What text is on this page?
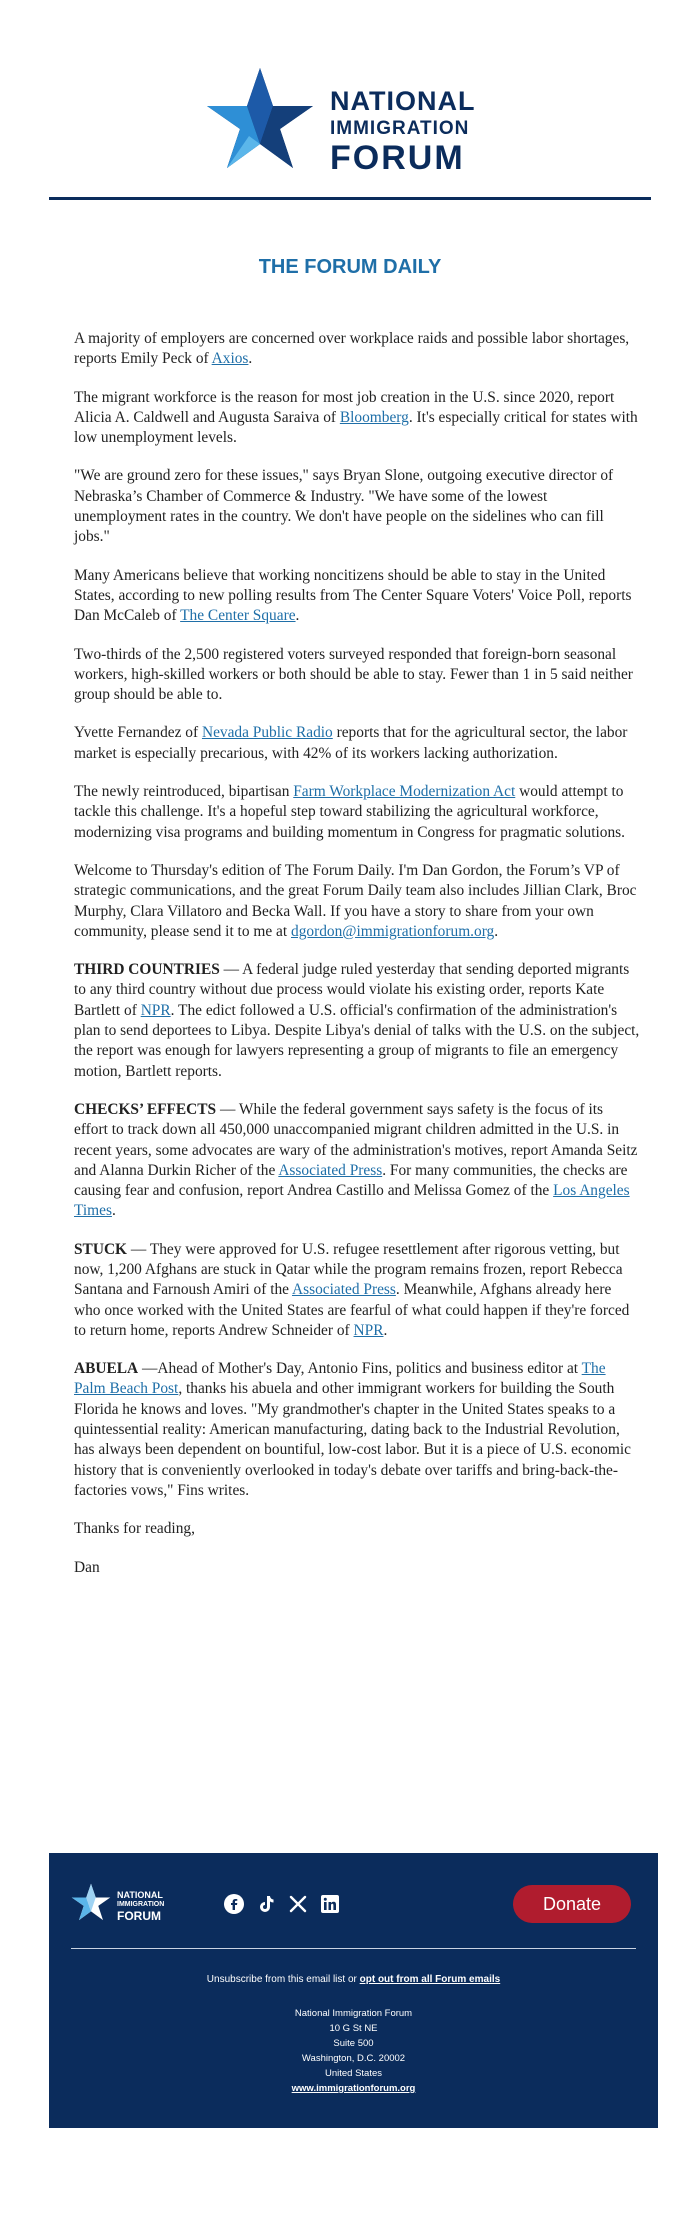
NATIONAL
IMMIGRATION
FORUM
THE FORUM DAILY

A majority of employers are concerned over workplace raids and possible labor shortages, reports Emily Peck of Axios.

The migrant workforce is the reason for most job creation in the U.S. since 2020, report Alicia A. Caldwell and Augusta Saraiva of Bloomberg. It's especially critical for states with low unemployment levels.

"We are ground zero for these issues," says Bryan Slone, outgoing executive director of Nebraska’s Chamber of Commerce & Industry. "We have some of the lowest unemployment rates in the country. We don't have people on the sidelines who can fill jobs."

Many Americans believe that working noncitizens should be able to stay in the United States, according to new polling results from The Center Square Voters' Voice Poll, reports Dan McCaleb of The Center Square.

Two-thirds of the 2,500 registered voters surveyed responded that foreign-born seasonal workers, high-skilled workers or both should be able to stay. Fewer than 1 in 5 said neither group should be able to.

Yvette Fernandez of Nevada Public Radio reports that for the agricultural sector, the labor market is especially precarious, with 42% of its workers lacking authorization.

The newly reintroduced, bipartisan Farm Workplace Modernization Act would attempt to tackle this challenge. It's a hopeful step toward stabilizing the agricultural workforce, modernizing visa programs and building momentum in Congress for pragmatic solutions.

Welcome to Thursday's edition of The Forum Daily. I'm Dan Gordon, the Forum’s VP of strategic communications, and the great Forum Daily team also includes Jillian Clark, Broc Murphy, Clara Villatoro and Becka Wall. If you have a story to share from your own community, please send it to me at dgordon@immigrationforum.org.

THIRD COUNTRIES — A federal judge ruled yesterday that sending deported migrants to any third country without due process would violate his existing order, reports Kate Bartlett of NPR. The edict followed a U.S. official's confirmation of the administration's plan to send deportees to Libya. Despite Libya's denial of talks with the U.S. on the subject, the report was enough for lawyers representing a group of migrants to file an emergency motion, Bartlett reports.

CHECKS’ EFFECTS — While the federal government says safety is the focus of its effort to track down all 450,000 unaccompanied migrant children admitted in the U.S. in recent years, some advocates are wary of the administration's motives, report Amanda Seitz and Alanna Durkin Richer of the Associated Press. For many communities, the checks are causing fear and confusion, report Andrea Castillo and Melissa Gomez of the Los Angeles Times.

STUCK — They were approved for U.S. refugee resettlement after rigorous vetting, but now, 1,200 Afghans are stuck in Qatar while the program remains frozen, report Rebecca Santana and Farnoush Amiri of the Associated Press. Meanwhile, Afghans already here who once worked with the United States are fearful of what could happen if they're forced to return home, reports Andrew Schneider of NPR.

ABUELA —Ahead of Mother's Day, Antonio Fins, politics and business editor at The Palm Beach Post, thanks his abuela and other immigrant workers for building the South Florida he knows and loves. "My grandmother's chapter in the United States speaks to a quintessential reality: American manufacturing, dating back to the Industrial Revolution, has always been dependent on bountiful, low-cost labor. But it is a piece of U.S. economic history that is conveniently overlooked in today's debate over tariffs and bring-back-the-factories vows," Fins writes.

Thanks for reading,

Dan

NATIONAL
IMMIGRATION
FORUM
Donate
Unsubscribe from this email list or opt out from all Forum emails
National Immigration Forum
10 G St NE
Suite 500
Washington, D.C. 20002
United States
www.immigrationforum.org
